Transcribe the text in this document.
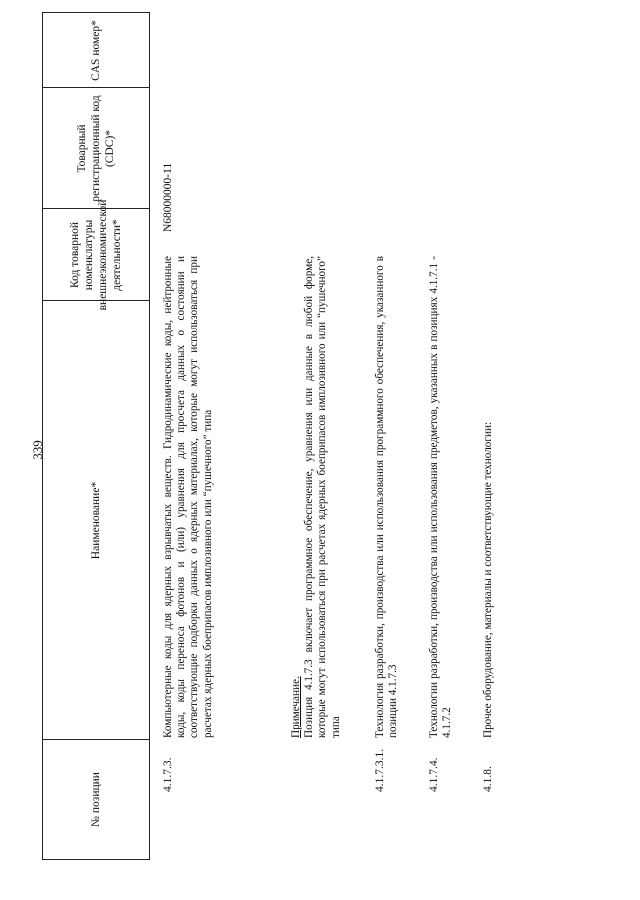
339
№ позиции
Наименование*
Код товарной номенклатуры внешнеэкономической деятельности*
Товарный регистрационный код (CDC)*
CAS номер*
4.1.7.3.
Компьютерные коды для ядерных взрывчатых веществ. Гидродинамические коды, нейтронные коды, коды переноса фотонов и (или) уравнения для просчета данных о состоянии и соответствующие подборки данных о ядерных материалах, которые могут использоваться при расчетах ядерных боеприпасов имплозивного или “пушечного” типа
N68000000-11
Примечание. Позиция 4.1.7.3 включает программное обеспечение, уравнения или данные в любой форме, которые могут использоваться при расчетах ядерных боеприпасов имплозивного или “пушечного” типа
4.1.7.3.1.
Технология разработки, производства или использования программного обеспечения, указанного в позиции 4.1.7.3
4.1.7.4.
Технологии разработки, производства или использования предметов, указанных в позициях 4.1.7.1 - 4.1.7.2
4.1.8.
Прочее оборудование, материалы и соответствующие технологии:
